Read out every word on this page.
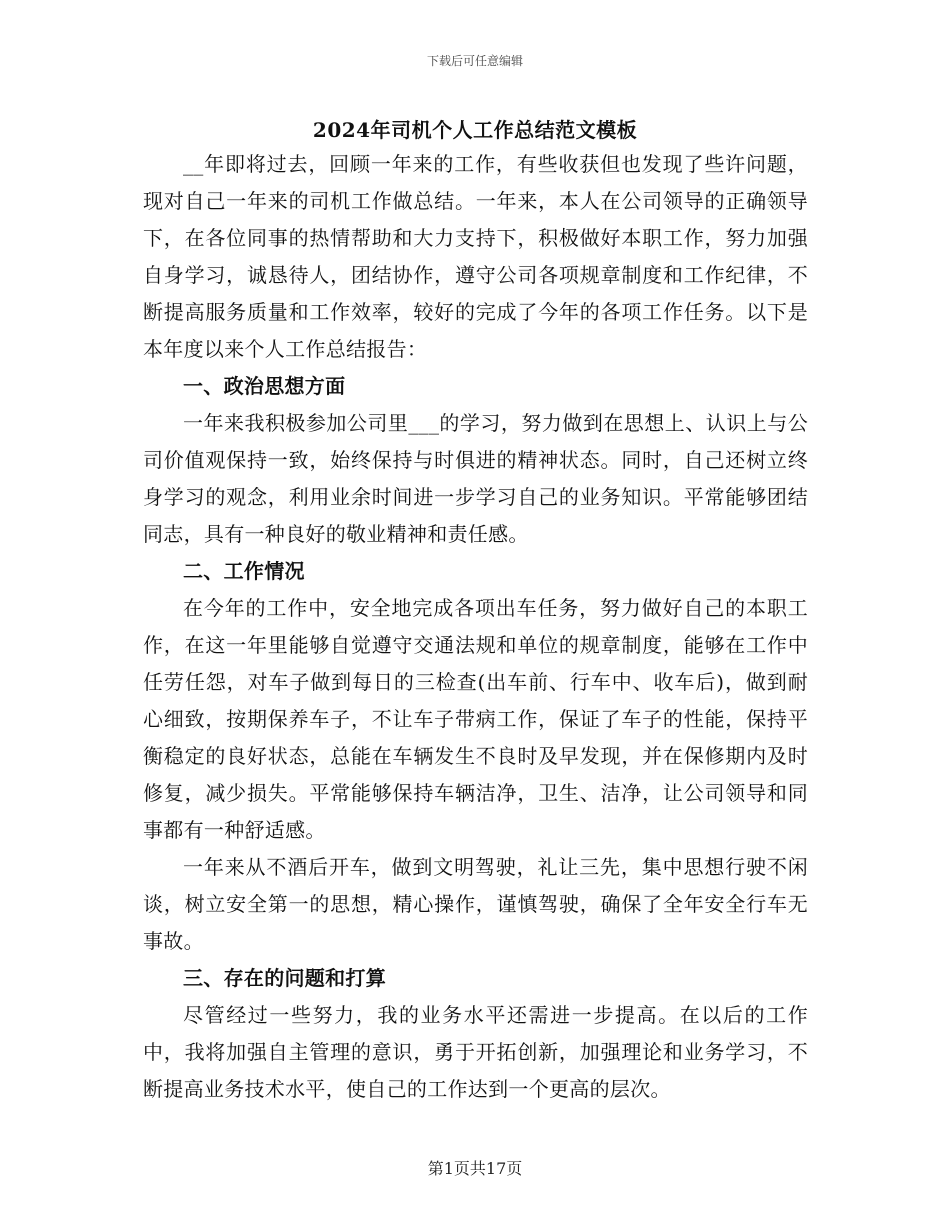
下载后可任意编辑
2024年司机个人工作总结范文模板

__年即将过去，回顾一年来的工作，有些收获但也发现了些许问题，现对自己一年来的司机工作做总结。一年来，本人在公司领导的正确领导下，在各位同事的热情帮助和大力支持下，积极做好本职工作，努力加强自身学习，诚恳待人，团结协作，遵守公司各项规章制度和工作纪律，不断提高服务质量和工作效率，较好的完成了今年的各项工作任务。以下是本年度以来个人工作总结报告：

一、政治思想方面

一年来我积极参加公司里___的学习，努力做到在思想上、认识上与公司价值观保持一致，始终保持与时俱进的精神状态。同时，自己还树立终身学习的观念，利用业余时间进一步学习自己的业务知识。平常能够团结同志，具有一种良好的敬业精神和责任感。

二、工作情况

在今年的工作中，安全地完成各项出车任务，努力做好自己的本职工作，在这一年里能够自觉遵守交通法规和单位的规章制度，能够在工作中任劳任怨，对车子做到每日的三检查(出车前、行车中、收车后)，做到耐心细致，按期保养车子，不让车子带病工作，保证了车子的性能，保持平衡稳定的良好状态，总能在车辆发生不良时及早发现，并在保修期内及时修复，减少损失。平常能够保持车辆洁净，卫生、洁净，让公司领导和同事都有一种舒适感。

一年来从不酒后开车，做到文明驾驶，礼让三先，集中思想行驶不闲谈，树立安全第一的思想，精心操作，谨慎驾驶，确保了全年安全行车无事故。

三、存在的问题和打算

尽管经过一些努力，我的业务水平还需进一步提高。在以后的工作中，我将加强自主管理的意识，勇于开拓创新，加强理论和业务学习，不断提高业务技术水平，使自己的工作达到一个更高的层次。

第1页共17页
